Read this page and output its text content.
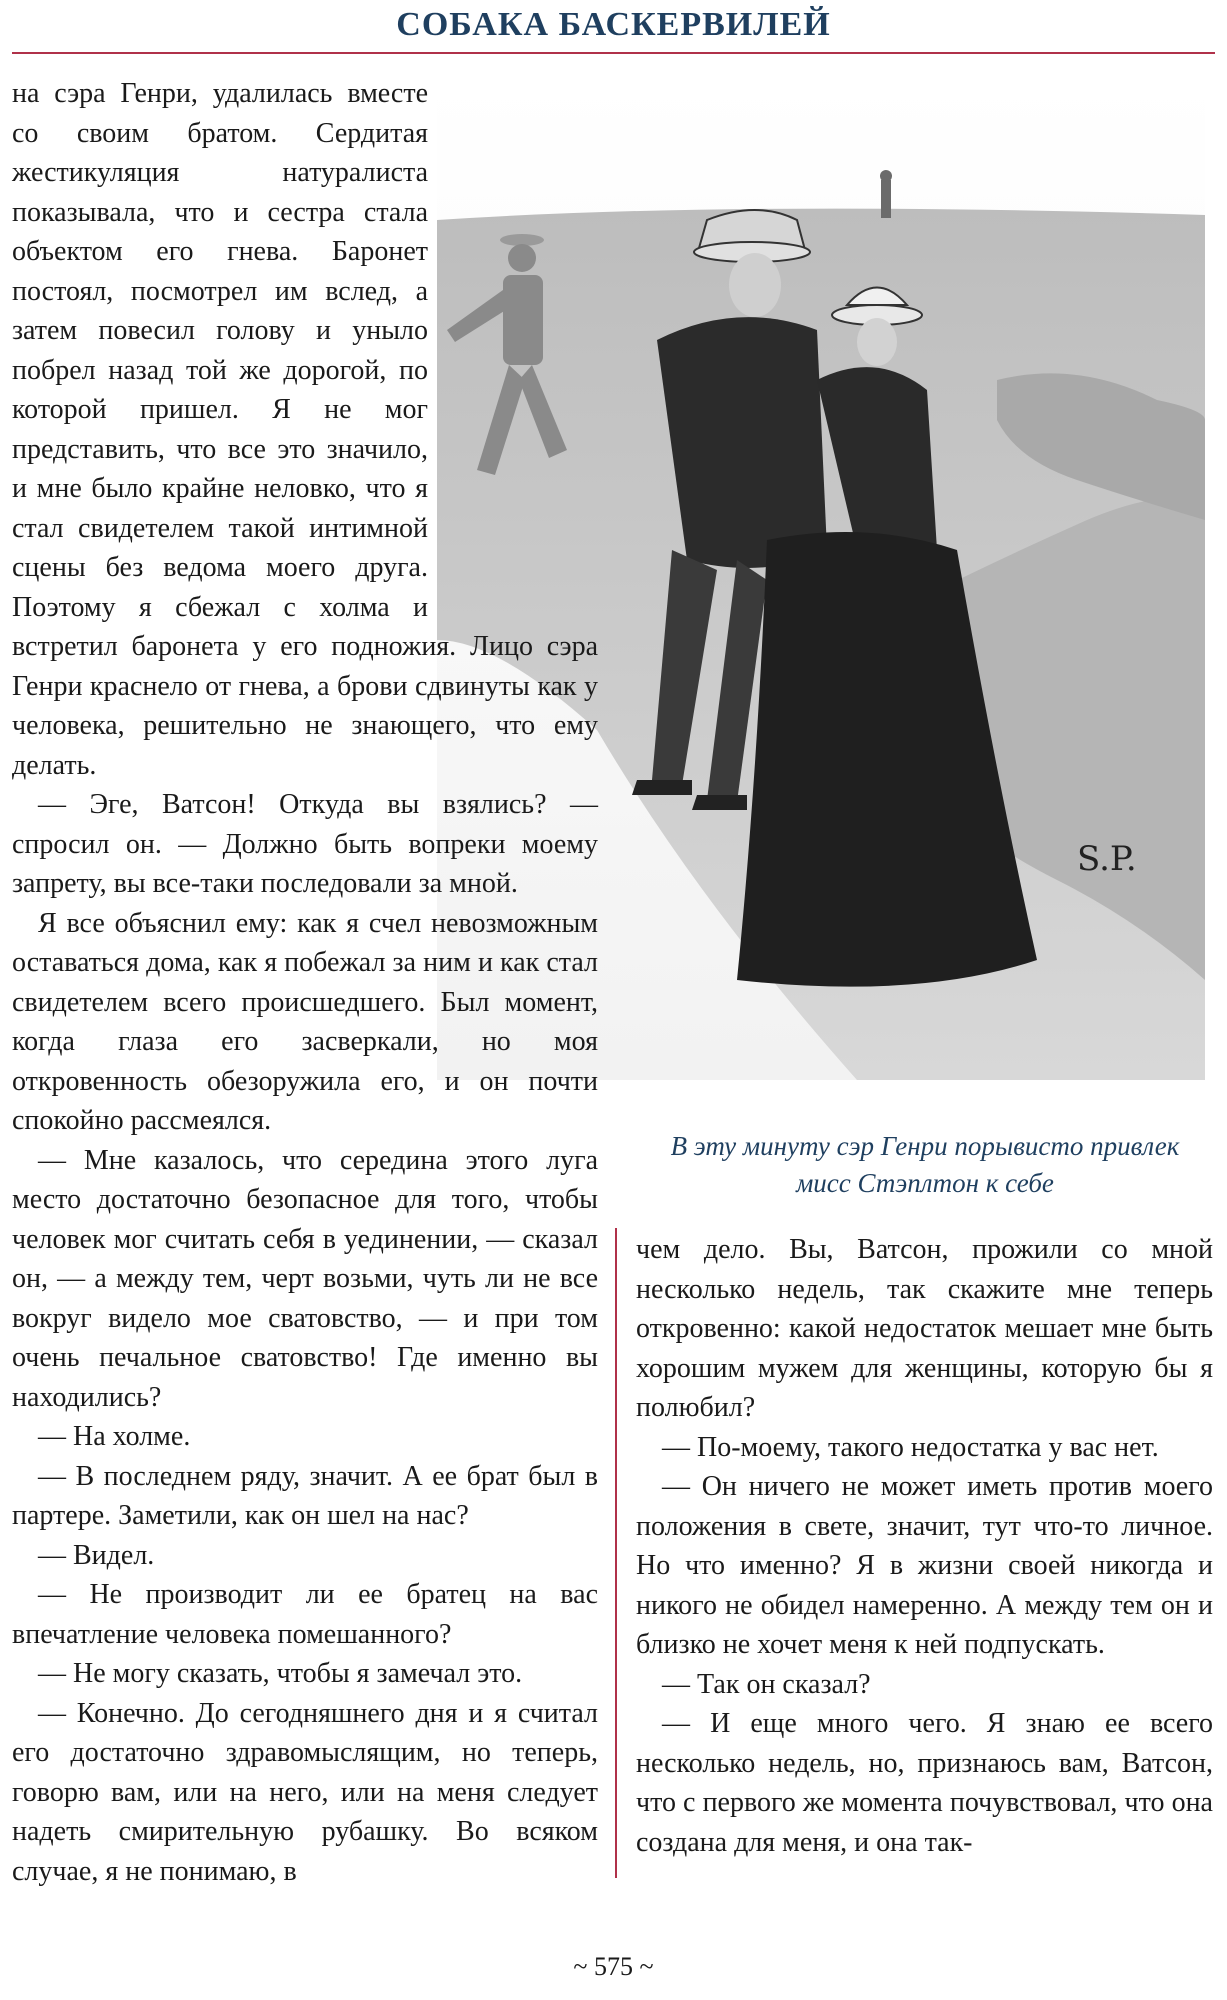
СОБАКА БАСКЕРВИЛЕЙ
S.P.
В эту минуту сэр Генри порывисто привлек
мисс Стэплтон к себе

на сэра Генри, удалилась вместе со своим братом. Сердитая жестикуляция натуралиста показывала, что и сестра стала объектом его гнева. Баронет постоял, посмотрел им вслед, а затем повесил голову и уныло побрел назад той же дорогой, по которой пришел. Я не мог представить, что все это значило, и мне было крайне неловко, что я стал свидетелем такой интимной сцены без ведома моего друга. Поэтому я сбежал с холма и встретил баронета у его подножия. Лицо сэра Генри краснело от гнева, а брови сдвинуты как у человека, решительно не знающего, что ему делать.

— Эге, Ватсон! Откуда вы взялись? — спросил он. — Должно быть вопреки моему запрету, вы все-таки последовали за мной.

Я все объяснил ему: как я счел невозможным оставаться дома, как я побежал за ним и как стал свидетелем всего происшедшего. Был момент, когда глаза его засверкали, но моя откровенность обезоружила его, и он почти спокойно рассмеялся.

— Мне казалось, что середина этого луга место достаточно безопасное для того, чтобы человек мог считать себя в уединении, — сказал он, — а между тем, черт возьми, чуть ли не все вокруг видело мое сватовство, — и при том очень печальное сватовство! Где именно вы находились?

— На холме.

— В последнем ряду, значит. А ее брат был в партере. Заметили, как он шел на нас?

— Видел.

— Не производит ли ее братец на вас впечатление человека помешанного?

— Не могу сказать, чтобы я замечал это.

— Конечно. До сегодняшнего дня и я считал его достаточно здравомыслящим, но теперь, говорю вам, или на него, или на меня следует надеть смирительную рубашку. Во всяком случае, я не понимаю, в

чем дело. Вы, Ватсон, прожили со мной несколько недель, так скажите мне теперь откровенно: какой недостаток мешает мне быть хорошим мужем для женщины, которую бы я полюбил?

— По-моему, такого недостатка у вас нет.

— Он ничего не может иметь против моего положения в свете, значит, тут что-то личное. Но что именно? Я в жизни своей никогда и никого не обидел намеренно. А между тем он и близко не хочет меня к ней подпускать.

— Так он сказал?

— И еще много чего. Я знаю ее всего несколько недель, но, признаюсь вам, Ватсон, что с первого же момента почувствовал, что она создана для меня, и она так-

~ 575 ~
